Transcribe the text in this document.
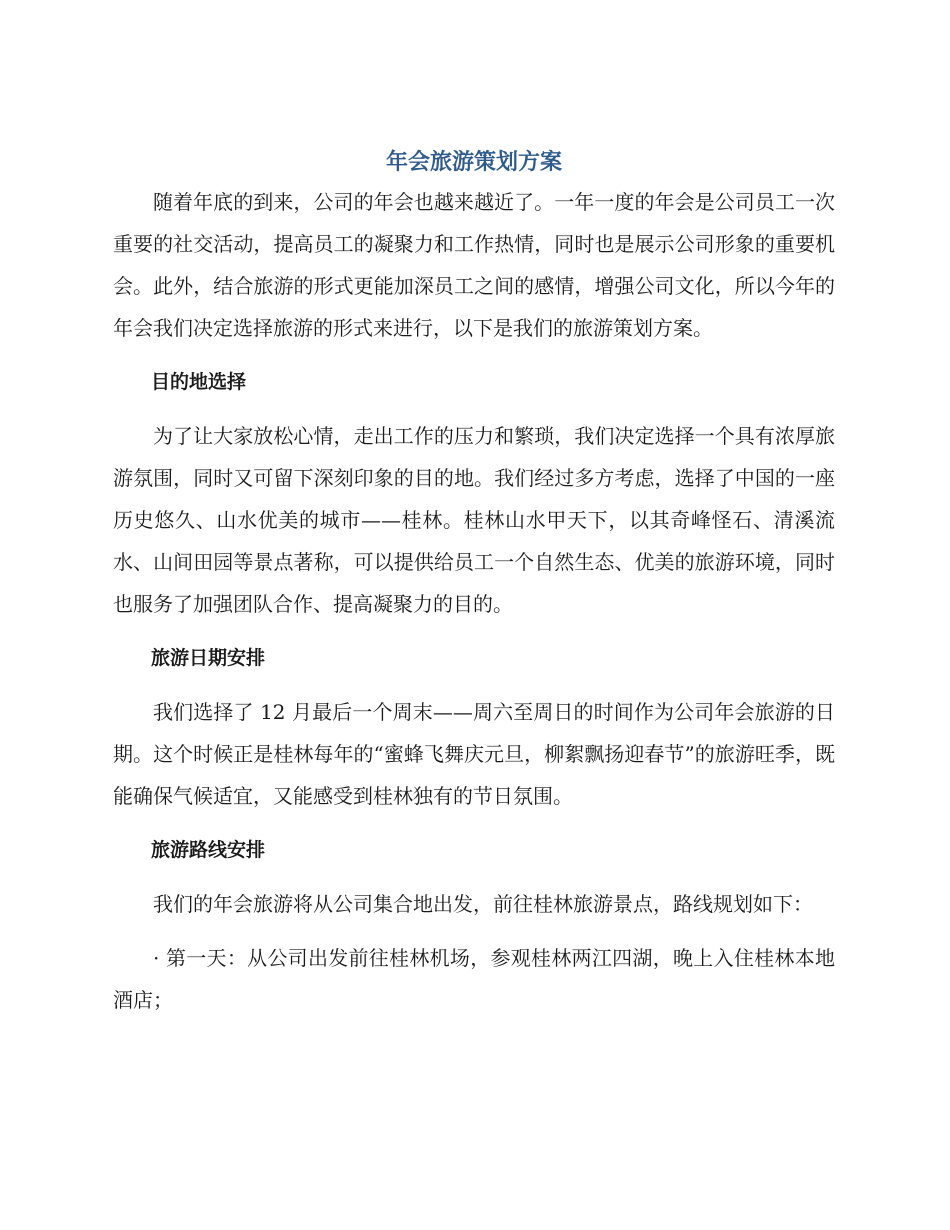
年会旅游策划方案

随着年底的到来，公司的年会也越来越近了。一年一度的年会是公司员工一次重要的社交活动，提高员工的凝聚力和工作热情，同时也是展示公司形象的重要机会。此外，结合旅游的形式更能加深员工之间的感情，增强公司文化，所以今年的年会我们决定选择旅游的形式来进行，以下是我们的旅游策划方案。

目的地选择

为了让大家放松心情，走出工作的压力和繁琐，我们决定选择一个具有浓厚旅游氛围，同时又可留下深刻印象的目的地。我们经过多方考虑，选择了中国的一座历史悠久、山水优美的城市——桂林。桂林山水甲天下，以其奇峰怪石、清溪流水、山间田园等景点著称，可以提供给员工一个自然生态、优美的旅游环境，同时也服务了加强团队合作、提高凝聚力的目的。

旅游日期安排

我们选择了 12 月最后一个周末——周六至周日的时间作为公司年会旅游的日期。这个时候正是桂林每年的“蜜蜂飞舞庆元旦，柳絮飘扬迎春节”的旅游旺季，既能确保气候适宜，又能感受到桂林独有的节日氛围。

旅游路线安排

我们的年会旅游将从公司集合地出发，前往桂林旅游景点，路线规划如下：

· 第一天：从公司出发前往桂林机场，参观桂林两江四湖，晚上入住桂林本地酒店；
